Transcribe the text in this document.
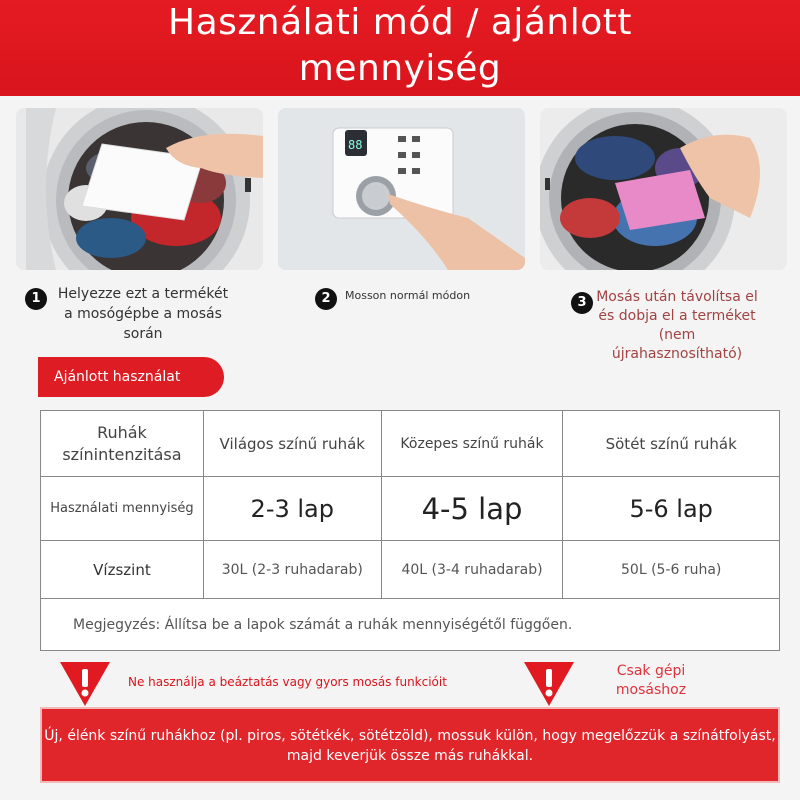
Használati mód / ajánlott
mennyiség
88
1	Helyezze ezt a termékét a mosógépbe a mosás során
2	Mosson normál módon	3 Mosás után távolítsa el és dobja el a terméket (nem újrahasznosítható)
Ajánlott használat
Ruhák színintenzitása	Világos színű ruhák	Közepes színű ruhák	Sötét színű ruhák
Használati mennyiség	2-3 lap	4-5 lap	5-6 lap
Vízszint	30L (2-3 ruhadarab)	40L (3-4 ruhadarab)	50L (5-6 ruha)
Megjegyzés: Állítsa be a lapok számát a ruhák mennyiségétől függően.			
Ne használja a beáztatás vagy gyors mosás funkcióit
Csak gépi mosáshoz
Új, élénk színű ruhákhoz (pl. piros, sötétkék, sötétzöld), mossuk külön, hogy megelőzzük a színátfolyást, majd keverjük össze más ruhákkal.
